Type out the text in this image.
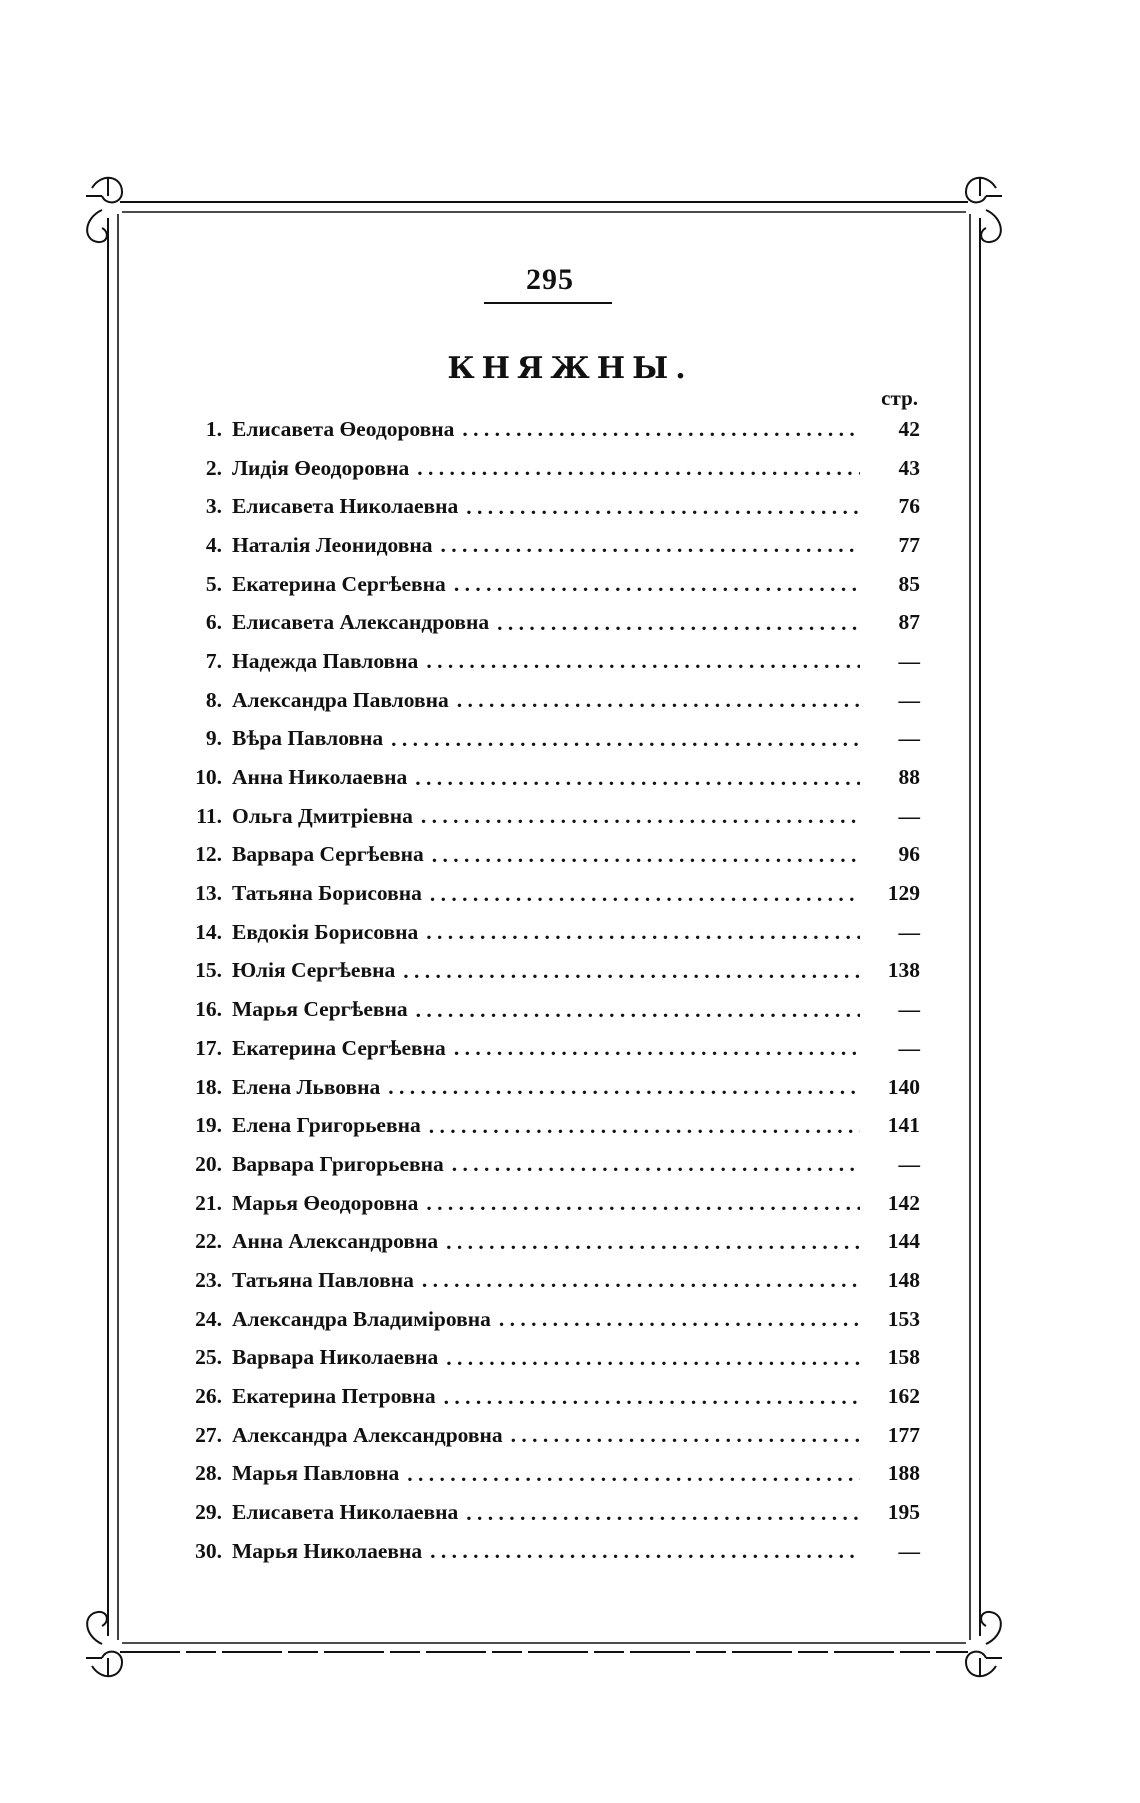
295
КНЯЖНЫ.
стр.
1. Елисавета Өеодоровна . . .	42
2. Лидія Өеодоровна . . .	43
3. Елисавета Николаевна . . .	76
4. Наталія Леонидовна . . .	77
5. Екатерина Сергѣевна . . .	85
6. Елисавета Александровна . . .	87
7. Надежда Павловна . . .	—
8. Александра Павловна . . .	—
9. Вѣра Павловна . . .	—
10. Анна Николаевна . . .	88
11. Ольга Дмитріевна . . .	—
12. Варвара Сергѣевна . . .	96
13. Татьяна Борисовна . . .	129
14. Евдокія Борисовна . . .	—
15. Юлія Сергѣевна . . .	138
16. Марья Сергѣевна . . .	—
17. Екатерина Сергѣевна . . .	—
18. Елена Львовна . . .	140
19. Елена Григорьевна . . .	141
20. Варвара Григорьевна . . .	—
21. Марья Өеодоровна . . .	142
22. Анна Александровна . . .	144
23. Татьяна Павловна . . .	148
24. Александра Владиміровна . . .	153
25. Варвара Николаевна . . .	158
26. Екатерина Петровна . . .	162
27. Александра Александровна . . .	177
28. Марья Павловна . . .	188
29. Елисавета Николаевна . . .	195
30. Марья Николаевна . . .	—
